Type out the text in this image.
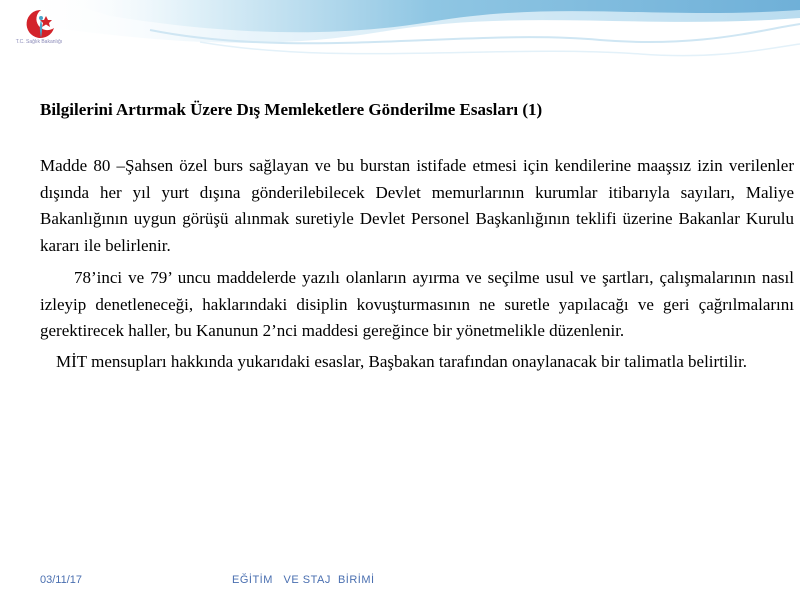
T.C. Sağlık Bakanlığı
Bilgilerini Artırmak Üzere Dış Memleketlere Gönderilme Esasları (1)

Madde 80 –Şahsen özel burs sağlayan ve bu burstan istifade etmesi için kendilerine maaşsız izin verilenler dışında her yıl yurt dışına gönderilebilecek Devlet memurlarının kurumlar itibarıyla sayıları, Maliye Bakanlığının uygun görüşü alınmak suretiyle Devlet Personel Başkanlığının teklifi üzerine Bakanlar Kurulu kararı ile belirlenir.

78’inci ve 79’ uncu maddelerde yazılı olanların ayırma ve seçilme usul ve şartları, çalışmalarının nasıl izleyip denetleneceği, haklarındaki disiplin kovuşturmasının ne suretle yapılacağı ve geri çağrılmalarını gerektirecek haller, bu Kanunun 2’nci maddesi gereğince bir yönetmelikle düzenlenir.

MİT mensupları hakkında yukarıdaki esaslar, Başbakan tarafından onaylanacak bir talimatla belirtilir.

03/11/17	EĞİTİM   VE STAJ  BİRİMİ
